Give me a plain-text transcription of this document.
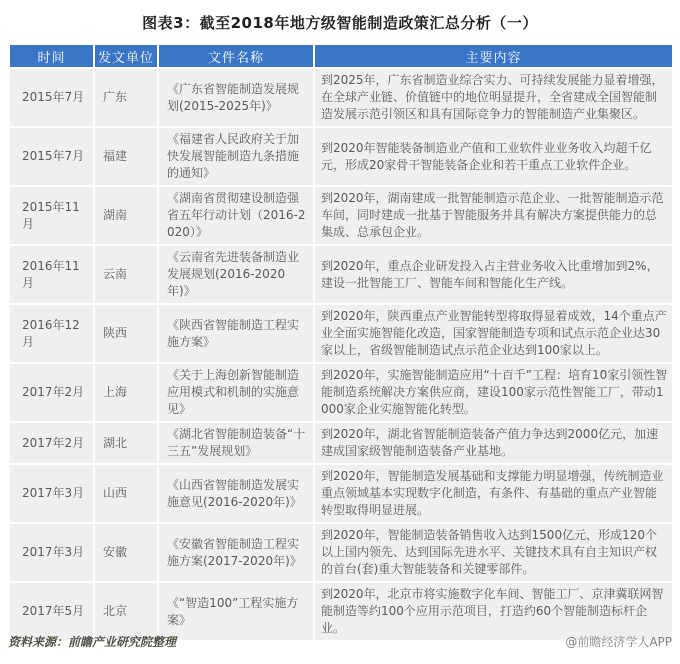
图表3：截至2018年地方级智能制造政策汇总分析（一）
时间	发文单位	文件名称	主要内容
2015年7月	广东	《广东省智能制造发展规划(2015-2025年)》	到2025年，广东省制造业综合实力、可持续发展能力显着增强，在全球产业链、价值链中的地位明显提升，全省建成全国智能制造发展示范引领区和具有国际竞争力的智能制造产业集聚区。
2015年7月	福建	《福建省人民政府关于加快发展智能制造九条措施的通知》	到2020年智能装备制造业产值和工业软件业业务收入均超千亿元，形成20家骨干智能装备企业和若干重点工业软件企业。
2015年11月	湖南	《湖南省贯彻建设制造强省五年行动计划（2016-2020）》	到2020年，湖南建成一批智能制造示范企业、一批智能制造示范车间，同时建成一批基于智能服务并具有解决方案提供能力的总集成、总承包企业。
2016年11月	云南	《云南省先进装备制造业发展规划(2016-2020年)》	到2020年，重点企业研发投入占主营业务收入比重增加到2%，建设一批智能工厂、智能车间和智能化生产线。
2016年12月	陕西	《陕西省智能制造工程实施方案》	到2020年，陕西重点产业智能转型将取得显着成效，14个重点产业全面实施智能化改造，国家智能制造专项和试点示范企业达30家以上，省级智能制造试点示范企业达到100家以上。
2017年2月	上海	《关于上海创新智能制造应用模式和机制的实施意见》	到2020年，实施智能制造应用“十百千”工程：培育10家引领性智能制造系统解决方案供应商，建设100家示范性智能工厂，带动1000家企业实施智能化转型。
2017年2月	湖北	《湖北省智能制造装备“十三五”发展规划》	到2020年，湖北省智能制造装备产值力争达到2000亿元，加速建成国家级智能制造装备产业基地。
2017年3月	山西	《山西省智能制造发展实施意见(2016-2020年)》	到2020年，智能制造发展基础和支撑能力明显增强，传统制造业重点领域基本实现数字化制造，有条件、有基础的重点产业智能转型取得明显进展。
2017年3月	安徽	《安徽省智能制造工程实施方案(2017-2020年)》	到2020年，智能制造装备销售收入达到1500亿元，形成120个以上国内领先、达到国际先进水平、关键技术具有自主知识产权的首台(套)重大智能装备和关键零部件。
2017年5月	北京	《“智造100”工程实施方案》	到2020年，北京市将实施数字化车间、智能工厂、京津冀联网智能制造等约100个应用示范项目，打造约60个智能制造标杆企业。
资料来源：前瞻产业研究院整理	@前瞻经济学人APP
